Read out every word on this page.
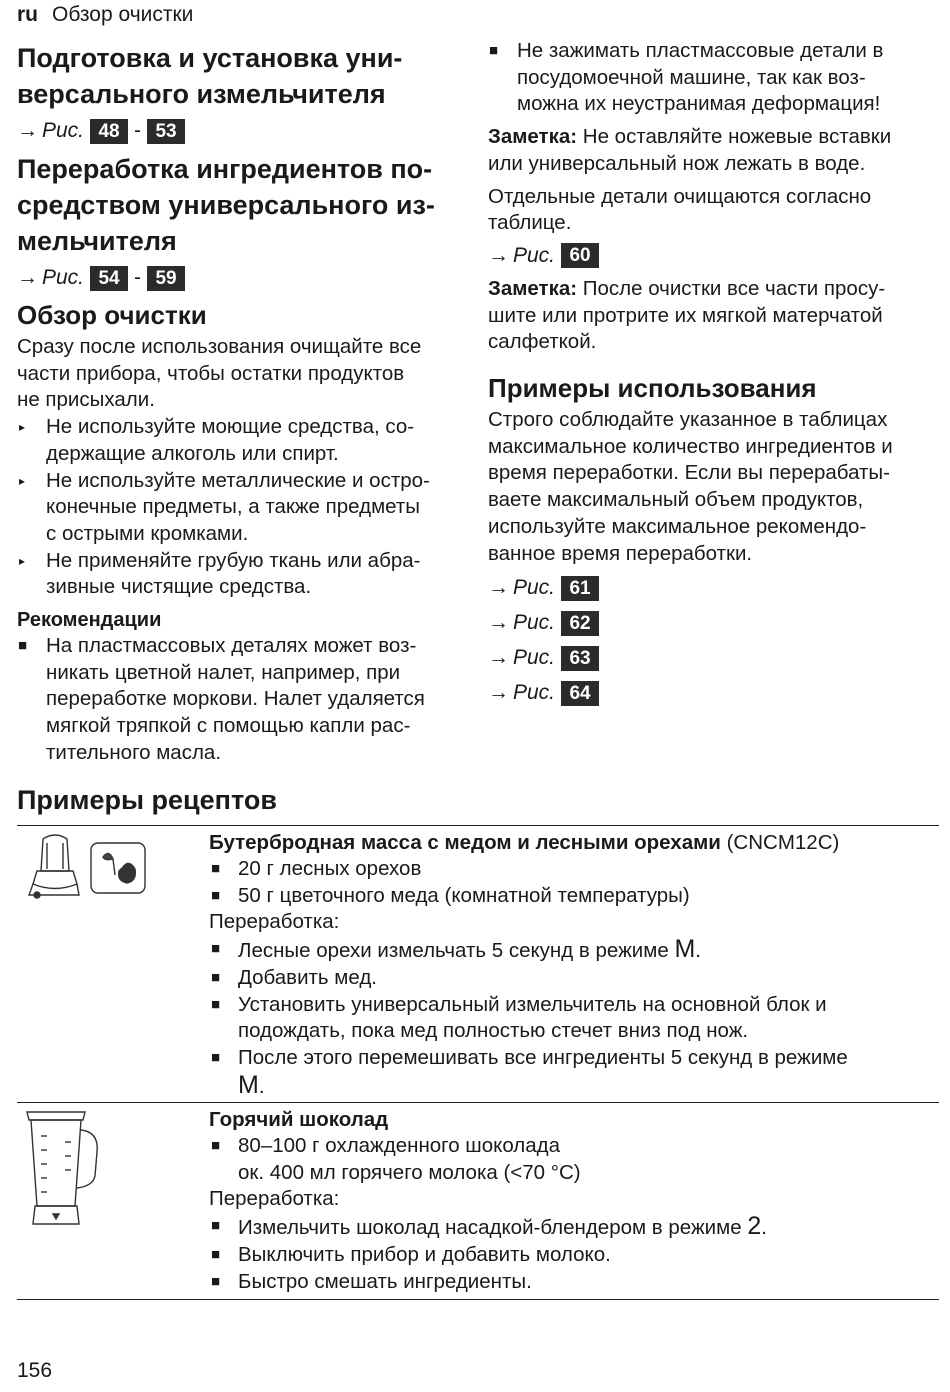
ru Обзор очистки
Подготовка и установка уни-
версального измельчителя
→ Рис. 48 - 53
Переработка ингредиентов по-
средством универсального из-
мельчителя
→ Рис. 54 - 59
Обзор очистки

Сразу после использования очищайте все
части прибора, чтобы остатки продуктов
не присыхали.

▸ Не используйте моющие средства, со-
держащие алкоголь или спирт.
▸ Не используйте металлические и остро-
конечные предметы, а также предметы
с острыми кромками.
▸ Не применяйте грубую ткань или абра-
зивные чистящие средства.
Рекомендации
■ На пластмассовых деталях может воз-
никать цветной налет, например, при
переработке моркови. Налет удаляется
мягкой тряпкой с помощью капли рас-
тительного масла.
■ Не зажимать пластмассовые детали в
посудомоечной машине, так как воз-
можна их неустранимая деформация!

Заметка: Не оставляйте ножевые вставки
или универсальный нож лежать в воде.

Отдельные детали очищаются согласно
таблице.

→ Рис. 60

Заметка: После очистки все части просу-
шите или протрите их мягкой матерчатой
салфеткой.

Примеры использования

Строго соблюдайте указанное в таблицах
максимальное количество ингредиентов и
время переработки. Если вы перерабаты-
ваете максимальный объем продуктов,
используйте максимальное рекомендо-
ванное время переработки.

→ Рис. 61
→ Рис. 62
→ Рис. 63
→ Рис. 64
Примеры рецептов

Бутербродная масса с медом и лесными орехами (CNCM12C)

■ 20 г лесных орехов
■ 50 г цветочного меда (комнатной температуры)

Переработка:

■ Лесные орехи измельчать 5 секунд в режиме M.
■ Добавить мед.
■ Установить универсальный измельчитель на основной блок и
подождать, пока мед полностью стечет вниз под нож.
■ После этого перемешивать все ингредиенты 5 секунд в режиме
M.

Горячий шоколад

■ 80–100 г охлажденного шоколада
ок. 400 мл горячего молока (<70 °C)

Переработка:

■ Измельчить шоколад насадкой-блендером в режиме 2.
■ Выключить прибор и добавить молоко.
■ Быстро смешать ингредиенты.
156
